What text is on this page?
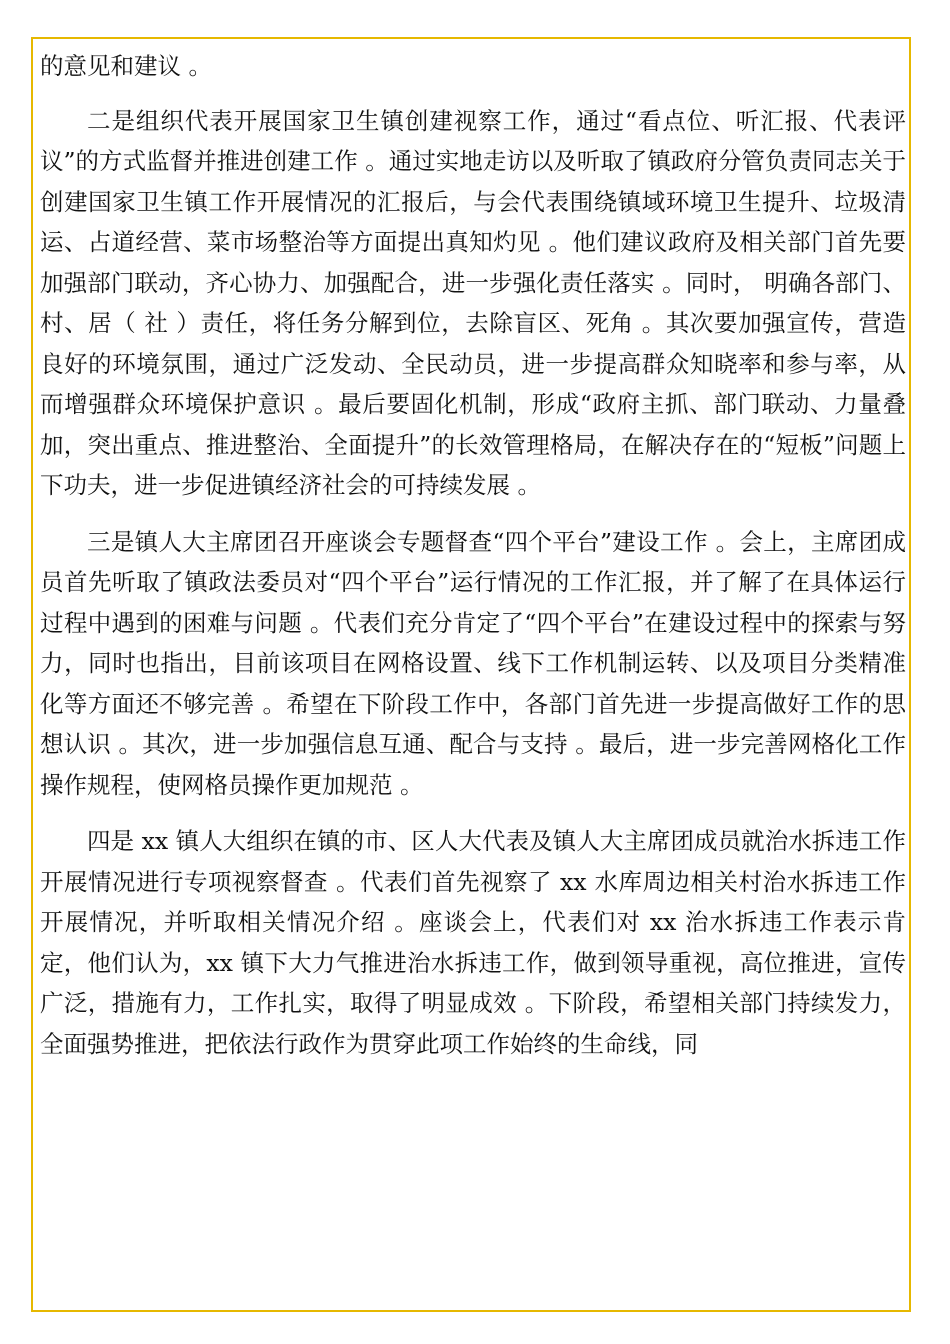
的意见和建议 。

二是组织代表开展国家卫生镇创建视察工作，通过“看点位、听汇报、代表评议”的方式监督并推进创建工作 。通过实地走访以及听取了镇政府分管负责同志关于创建国家卫生镇工作开展情况的汇报后，与会代表围绕镇域环境卫生提升、垃圾清运、占道经营、菜市场整治等方面提出真知灼见 。他们建议政府及相关部门首先要加强部门联动，齐心协力、加强配合，进一步强化责任落实 。同时， 明确各部门、村、居（ 社 ）责任，将任务分解到位，去除盲区、死角 。其次要加强宣传，营造良好的环境氛围，通过广泛发动、全民动员，进一步提高群众知晓率和参与率，从而增强群众环境保护意识 。最后要固化机制，形成“政府主抓、部门联动、力量叠加，突出重点、推进整治、全面提升”的长效管理格局，在解决存在的“短板”问题上下功夫，进一步促进镇经济社会的可持续发展 。

三是镇人大主席团召开座谈会专题督查“四个平台”建设工作 。会上，主席团成员首先听取了镇政法委员对“四个平台”运行情况的工作汇报，并了解了在具体运行过程中遇到的困难与问题 。代表们充分肯定了“四个平台”在建设过程中的探索与努力，同时也指出，目前该项目在网格设置、线下工作机制运转、以及项目分类精准化等方面还不够完善 。希望在下阶段工作中，各部门首先进一步提高做好工作的思想认识 。其次，进一步加强信息互通、配合与支持 。最后，进一步完善网格化工作操作规程，使网格员操作更加规范 。

四是 xx 镇人大组织在镇的市、区人大代表及镇人大主席团成员就治水拆违工作开展情况进行专项视察督查 。代表们首先视察了 xx 水库周边相关村治水拆违工作开展情况，并听取相关情况介绍 。座谈会上，代表们对 xx 治水拆违工作表示肯定，他们认为，xx 镇下大力气推进治水拆违工作，做到领导重视，高位推进，宣传广泛，措施有力，工作扎实，取得了明显成效 。下阶段，希望相关部门持续发力，全面强势推进，把依法行政作为贯穿此项工作始终的生命线，同
